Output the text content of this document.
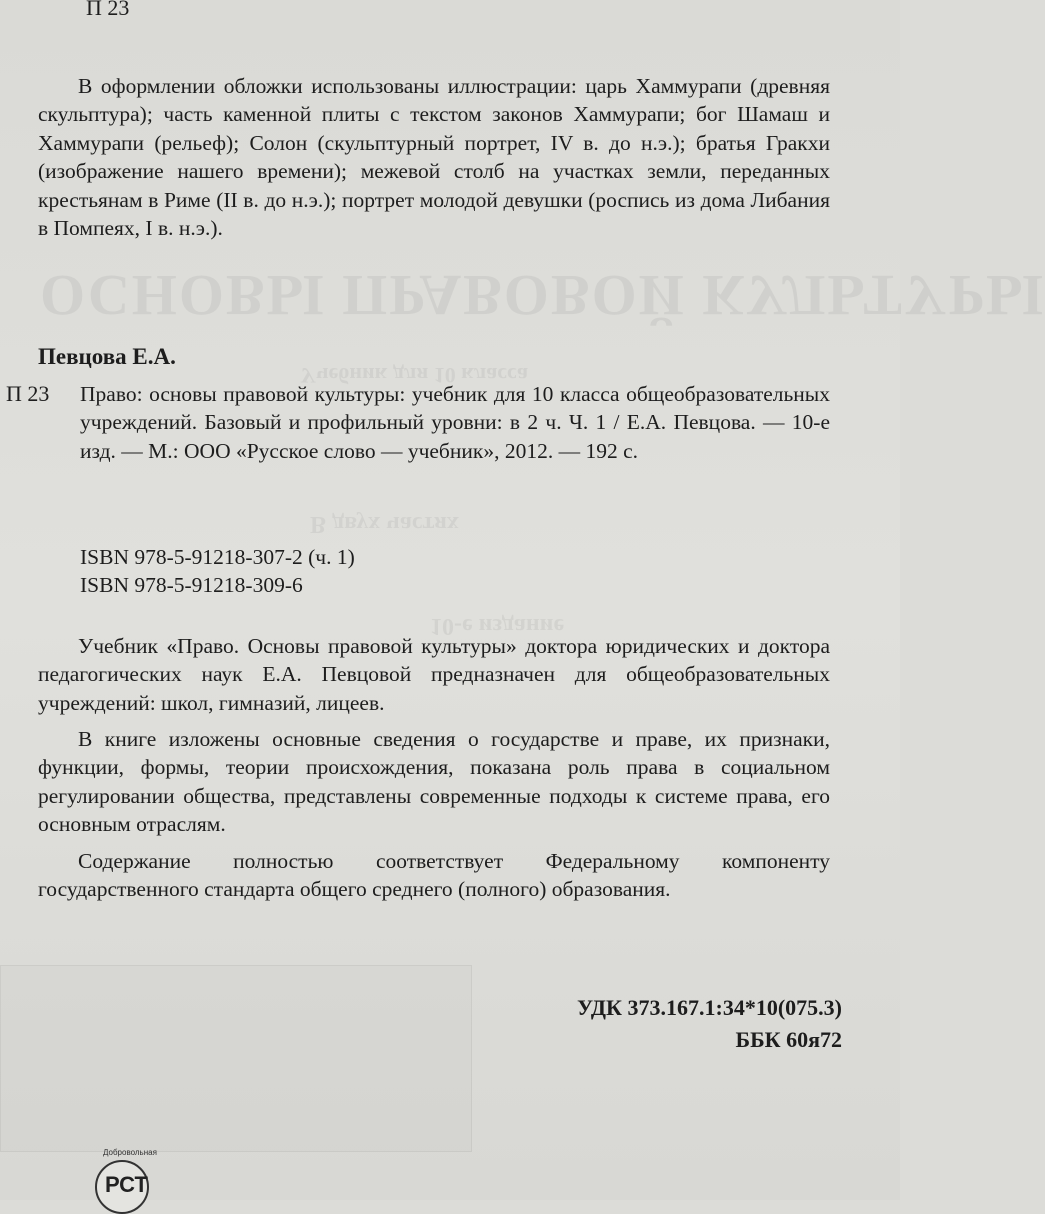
ОСНОВЫ ПРАВОВОЙ КУЛЬТУРЫ
Учебник для 10 класса
В двух частях
10-е издание
П 23
В оформлении обложки использованы иллюстрации: царь Хаммурапи (древняя скульптура); часть каменной плиты с текстом законов Хаммурапи; бог Шамаш и Хаммурапи (рельеф); Солон (скульптурный портрет, IV в. до н.э.); братья Гракхи (изображение нашего времени); межевой столб на участках земли, переданных крестьянам в Риме (II в. до н.э.); портрет молодой девушки (роспись из дома Либания в Помпеях, I в. н.э.).
Певцова Е.А.
П 23 Право: основы правовой культуры: учебник для 10 класса общеобразовательных учреждений. Базовый и профильный уровни: в 2 ч. Ч. 1 / Е.А. Певцова. — 10-е изд. — М.: ООО «Русское слово — учебник», 2012. — 192 с.
ISBN 978-5-91218-307-2 (ч. 1)
ISBN 978-5-91218-309-6
Учебник «Право. Основы правовой культуры» доктора юридических и доктора педагогических наук Е.А. Певцовой предназначен для общеобразовательных учреждений: школ, гимназий, лицеев.
В книге изложены основные сведения о государстве и праве, их признаки, функции, формы, теории происхождения, показана роль права в социальном регулировании общества, представлены современные подходы к системе права, его основным отраслям.
Содержание полностью соответствует Федеральному компоненту государственного стандарта общего среднего (полного) образования.
УДК 373.167.1:34*10(075.3)
ББК 60я72
Добровольная
РСТ
